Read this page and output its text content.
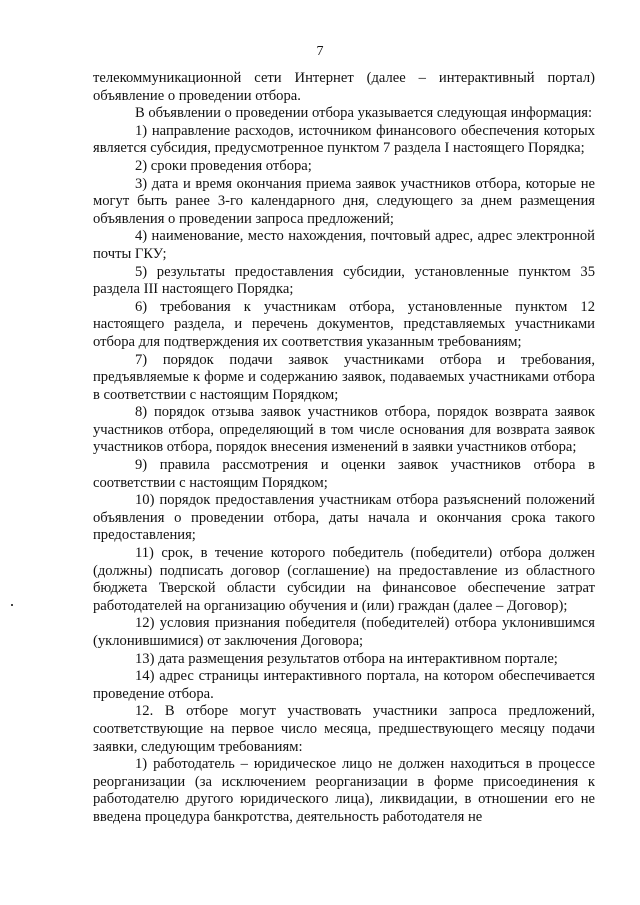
7

телекоммуникационной сети Интернет (далее – интерактивный портал) объявление о проведении отбора.

В объявлении о проведении отбора указывается следующая информация:

1) направление расходов, источником финансового обеспечения которых является субсидия, предусмотренное пунктом 7 раздела I настоящего Порядка;

2) сроки проведения отбора;

3) дата и время окончания приема заявок участников отбора, которые не могут быть ранее 3-го календарного дня, следующего за днем размещения объявления о проведении запроса предложений;

4) наименование, место нахождения, почтовый адрес, адрес электронной почты ГКУ;

5) результаты предоставления субсидии, установленные пунктом 35 раздела III настоящего Порядка;

6) требования к участникам отбора, установленные пунктом 12 настоящего раздела, и перечень документов, представляемых участниками отбора для подтверждения их соответствия указанным требованиям;

7) порядок подачи заявок участниками отбора и требования, предъявляемые к форме и содержанию заявок, подаваемых участниками отбора в соответствии с настоящим Порядком;

8) порядок отзыва заявок участников отбора, порядок возврата заявок участников отбора, определяющий в том числе основания для возврата заявок участников отбора, порядок внесения изменений в заявки участников отбора;

9) правила рассмотрения и оценки заявок участников отбора в соответствии с настоящим Порядком;

10) порядок предоставления участникам отбора разъяснений положений объявления о проведении отбора, даты начала и окончания срока такого предоставления;

11) срок, в течение которого победитель (победители) отбора должен (должны) подписать договор (соглашение) на предоставление из областного бюджета Тверской области субсидии на финансовое обеспечение затрат работодателей на организацию обучения и (или) граждан (далее – Договор);

12) условия признания победителя (победителей) отбора уклонившимся (уклонившимися) от заключения Договора;

13) дата размещения результатов отбора на интерактивном портале;

14) адрес страницы интерактивного портала, на котором обеспечивается проведение отбора.

12. В отборе могут участвовать участники запроса предложений, соответствующие на первое число месяца, предшествующего месяцу подачи заявки, следующим требованиям:

1) работодатель – юридическое лицо не должен находиться в процессе реорганизации (за исключением реорганизации в форме присоединения к работодателю другого юридического лица), ликвидации, в отношении его не введена процедура банкротства, деятельность работодателя не
